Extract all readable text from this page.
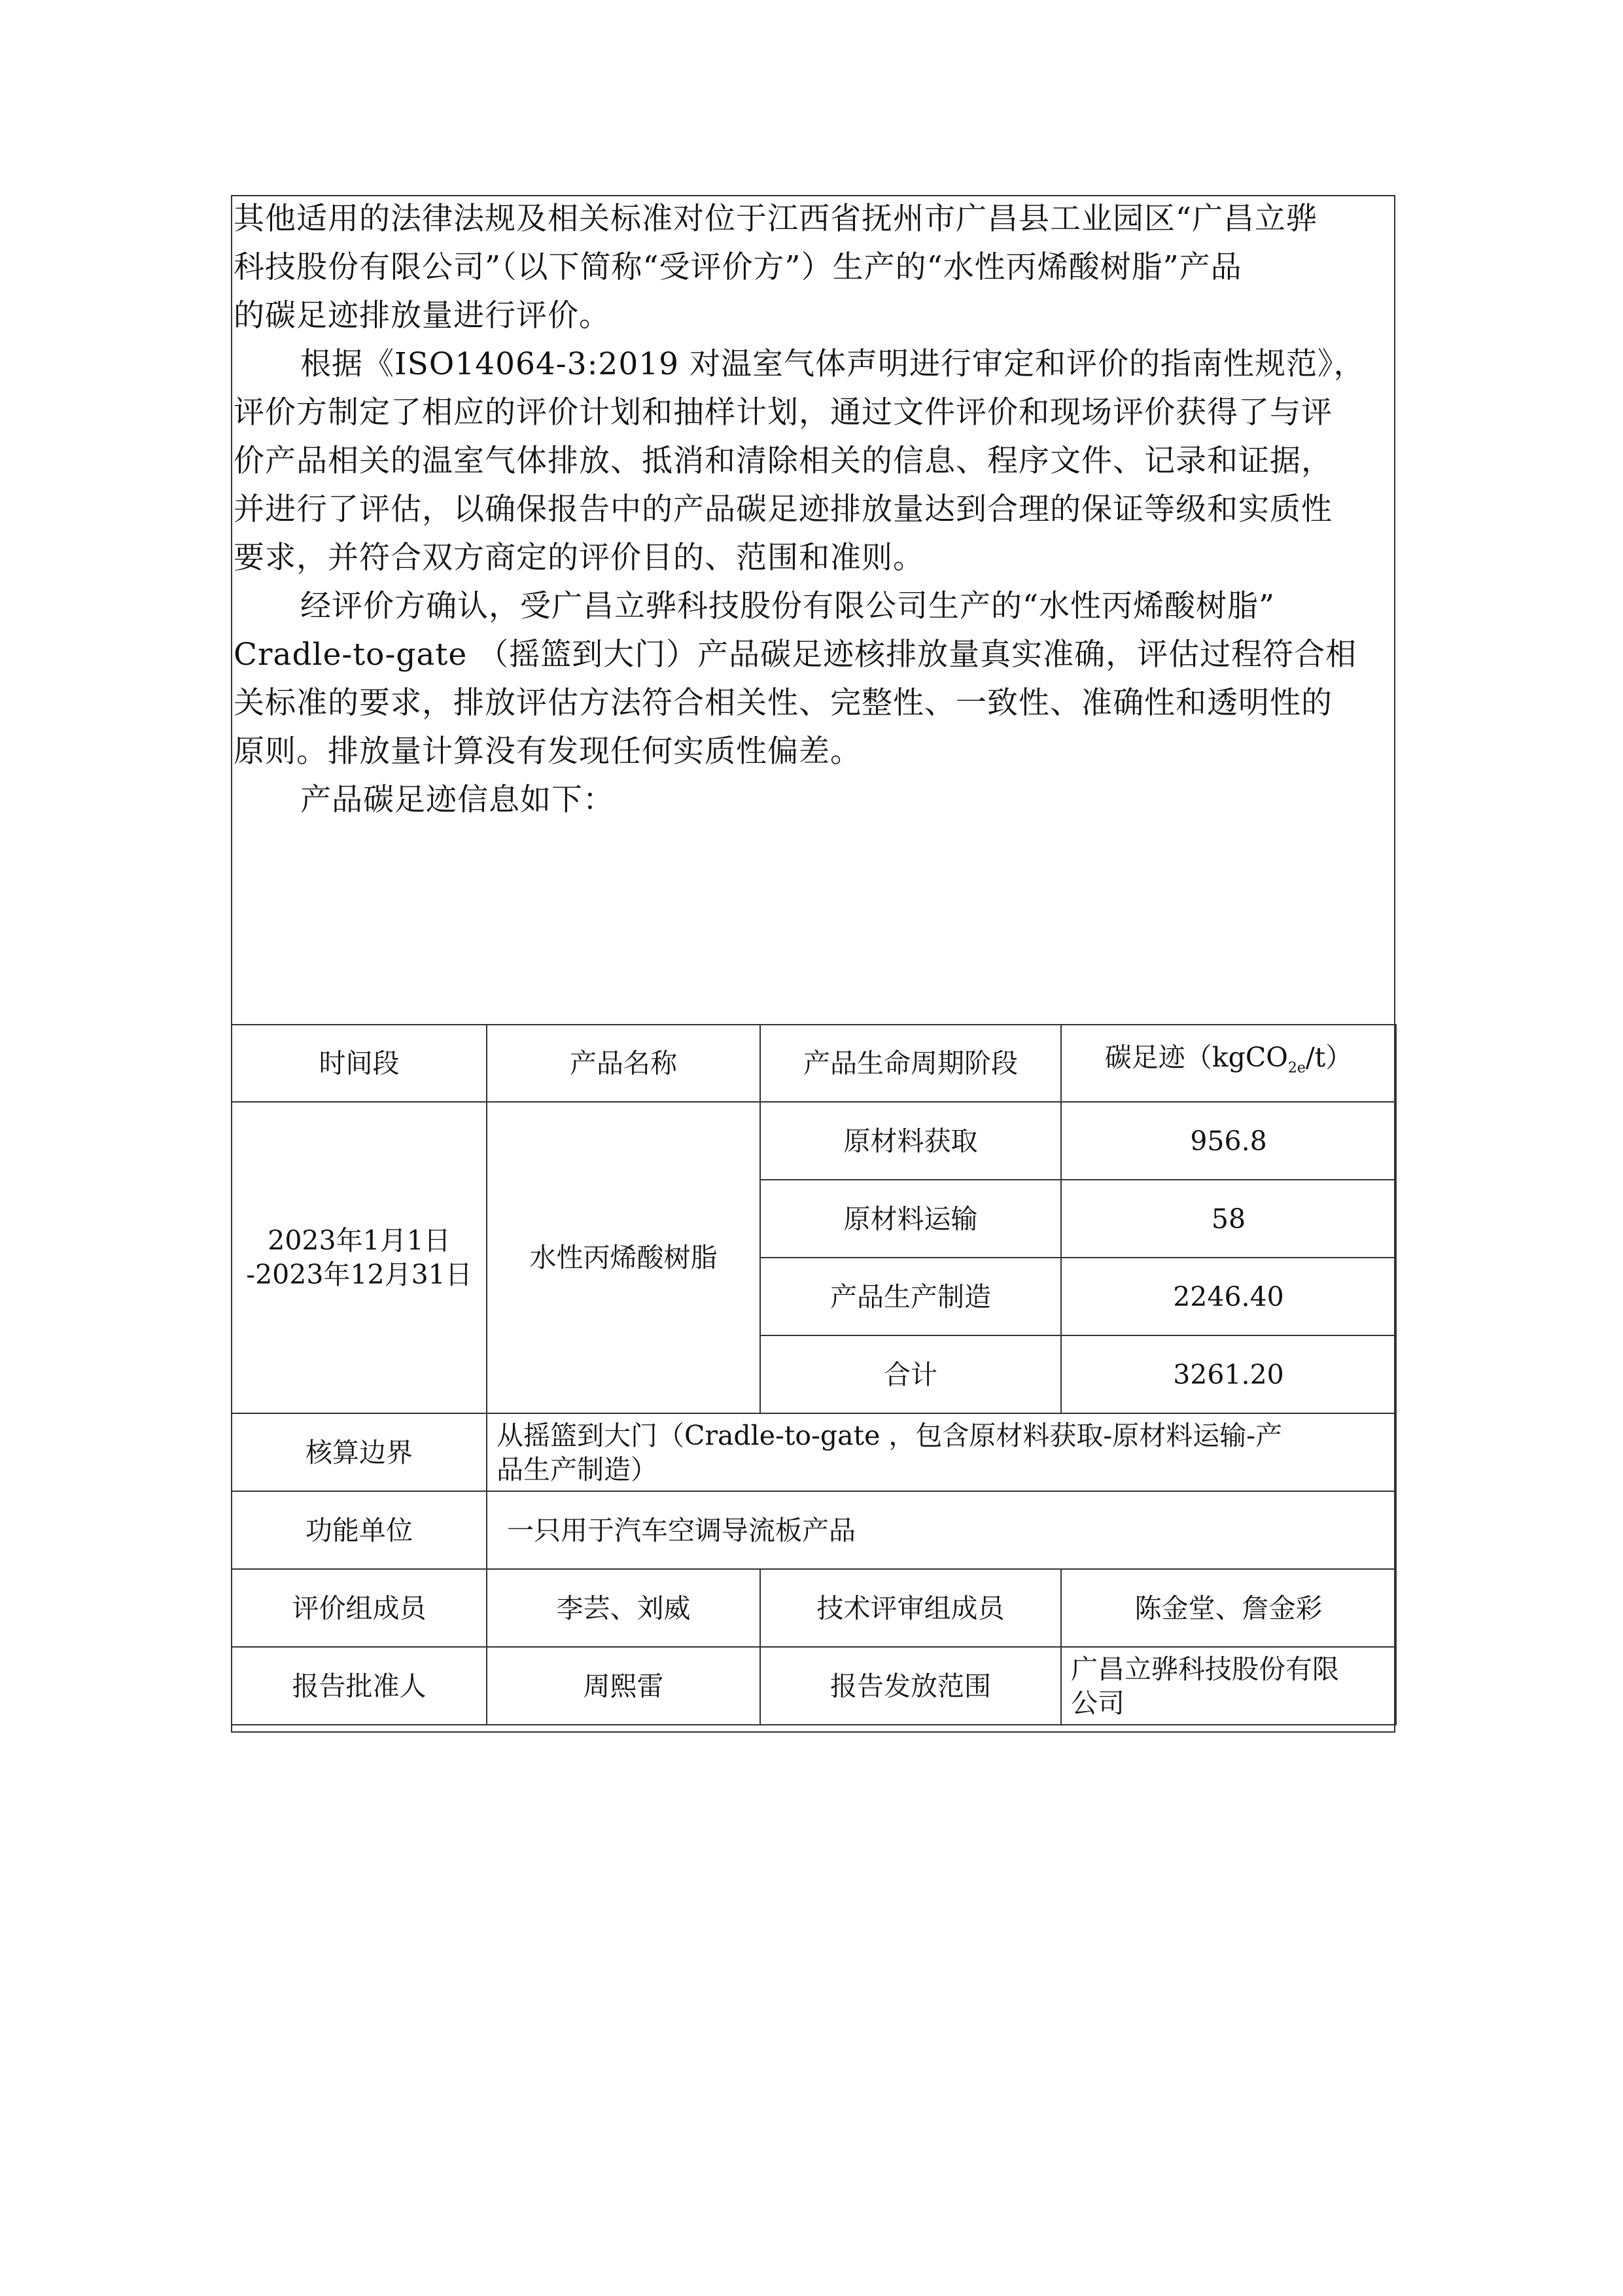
其他适用的法律法规及相关标准对位于江西省抚州市广昌县工业园区“广昌立骅
科技股份有限公司”（以下简称“受评价方”）生产的“水性丙烯酸树脂”产品
的碳足迹排放量进行评价。
根据《ISO14064-3:2019 对温室气体声明进行审定和评价的指南性规范》，
评价方制定了相应的评价计划和抽样计划，通过文件评价和现场评价获得了与评
价产品相关的温室气体排放、抵消和清除相关的信息、程序文件、记录和证据，
并进行了评估，以确保报告中的产品碳足迹排放量达到合理的保证等级和实质性
要求，并符合双方商定的评价目的、范围和准则。
经评价方确认，受广昌立骅科技股份有限公司生产的“水性丙烯酸树脂”
Cradle-to-gate （摇篮到大门）产品碳足迹核排放量真实准确，评估过程符合相
关标准的要求，排放评估方法符合相关性、完整性、一致性、准确性和透明性的
原则。排放量计算没有发现任何实质性偏差。
产品碳足迹信息如下：
时间段	产品名称	产品生命周期阶段	碳足迹（kgCO$_{2e}$/t）

2023年1月1日
-2023年12月31日	水性丙烯酸树脂	原材料获取	956.8
		原材料运输	58
		产品生产制造	2246.40
		合计	3261.20
核算边界	从摇篮到大门（Cradle-to-gate ，包含原材料获取-原材料运输-产
品生产制造）		

功能单位	一只用于汽车空调导流板产品		
评价组成员	李芸、刘威	技术评审组成员	陈金堂、詹金彩
报告批准人	周熙雷	报告发放范围	广昌立骅科技股份有限
公司
